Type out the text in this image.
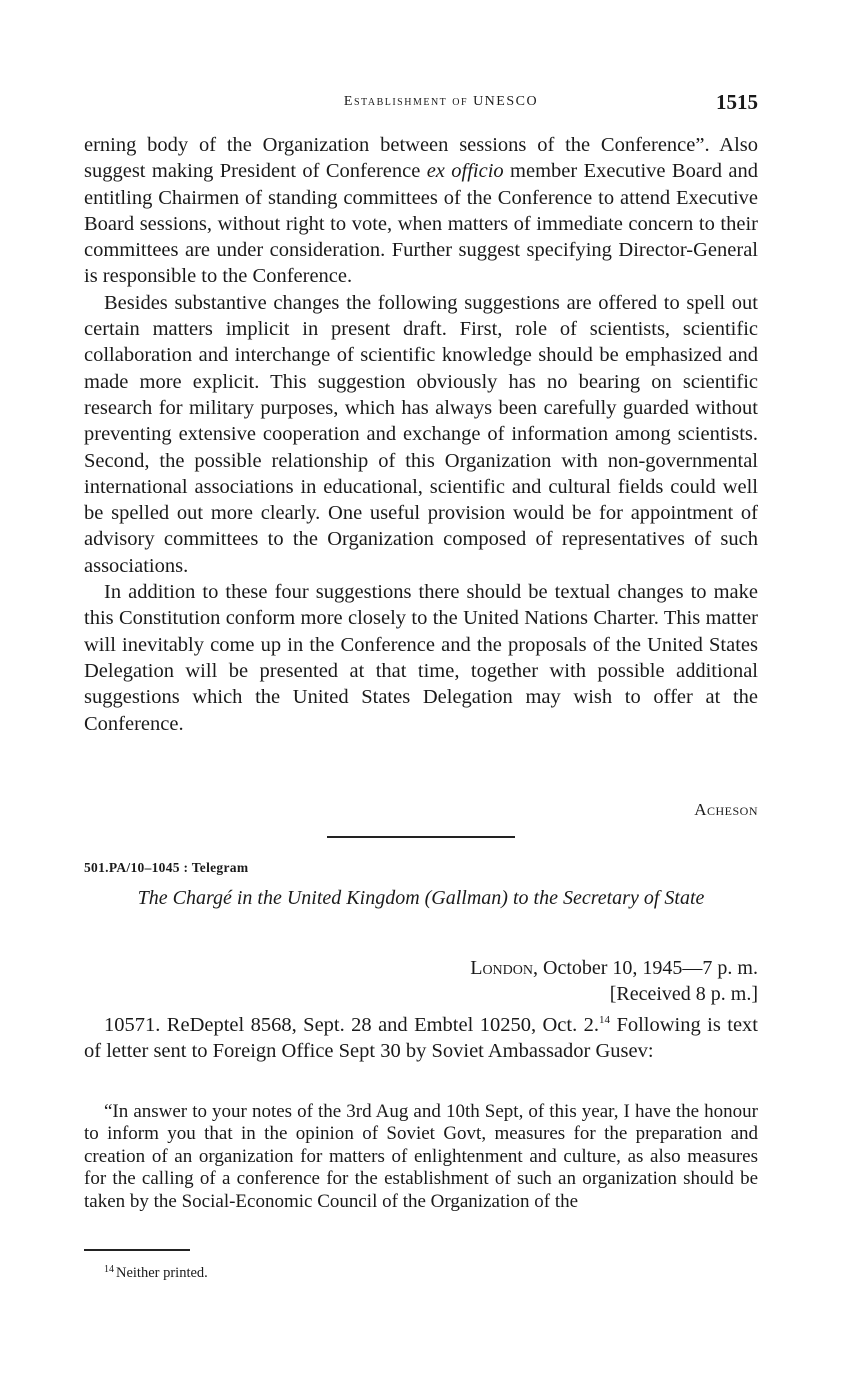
Establishment of UNESCO	1515

erning body of the Organization between sessions of the Conference”. Also suggest making President of Conference ex officio member Executive Board and entitling Chairmen of standing committees of the Conference to attend Executive Board sessions, without right to vote, when matters of immediate concern to their committees are under consideration. Further suggest specifying Director-General is responsible to the Conference.

Besides substantive changes the following suggestions are offered to spell out certain matters implicit in present draft. First, role of scientists, scientific collaboration and interchange of scientific knowledge should be emphasized and made more explicit. This suggestion obviously has no bearing on scientific research for military purposes, which has always been carefully guarded without preventing extensive cooperation and exchange of information among scientists. Second, the possible relationship of this Organization with non-governmental international associations in educational, scientific and cultural fields could well be spelled out more clearly. One useful provision would be for appointment of advisory committees to the Organization composed of representatives of such associations.

In addition to these four suggestions there should be textual changes to make this Constitution conform more closely to the United Nations Charter. This matter will inevitably come up in the Conference and the proposals of the United States Delegation will be presented at that time, together with possible additional suggestions which the United States Delegation may wish to offer at the Conference.

Acheson
501.PA/10–1045 : Telegram
The Chargé in the United Kingdom (Gallman) to the Secretary of State
London, October 10, 1945—7 p. m.
[Received 8 p. m.]

10571. ReDeptel 8568, Sept. 28 and Embtel 10250, Oct. 2.14 Following is text of letter sent to Foreign Office Sept 30 by Soviet Ambassador Gusev:

“In answer to your notes of the 3rd Aug and 10th Sept, of this year, I have the honour to inform you that in the opinion of Soviet Govt, measures for the preparation and creation of an organization for matters of enlightenment and culture, as also measures for the calling of a conference for the establishment of such an organization should be taken by the Social-Economic Council of the Organization of the

$^{14}$ Neither printed.
